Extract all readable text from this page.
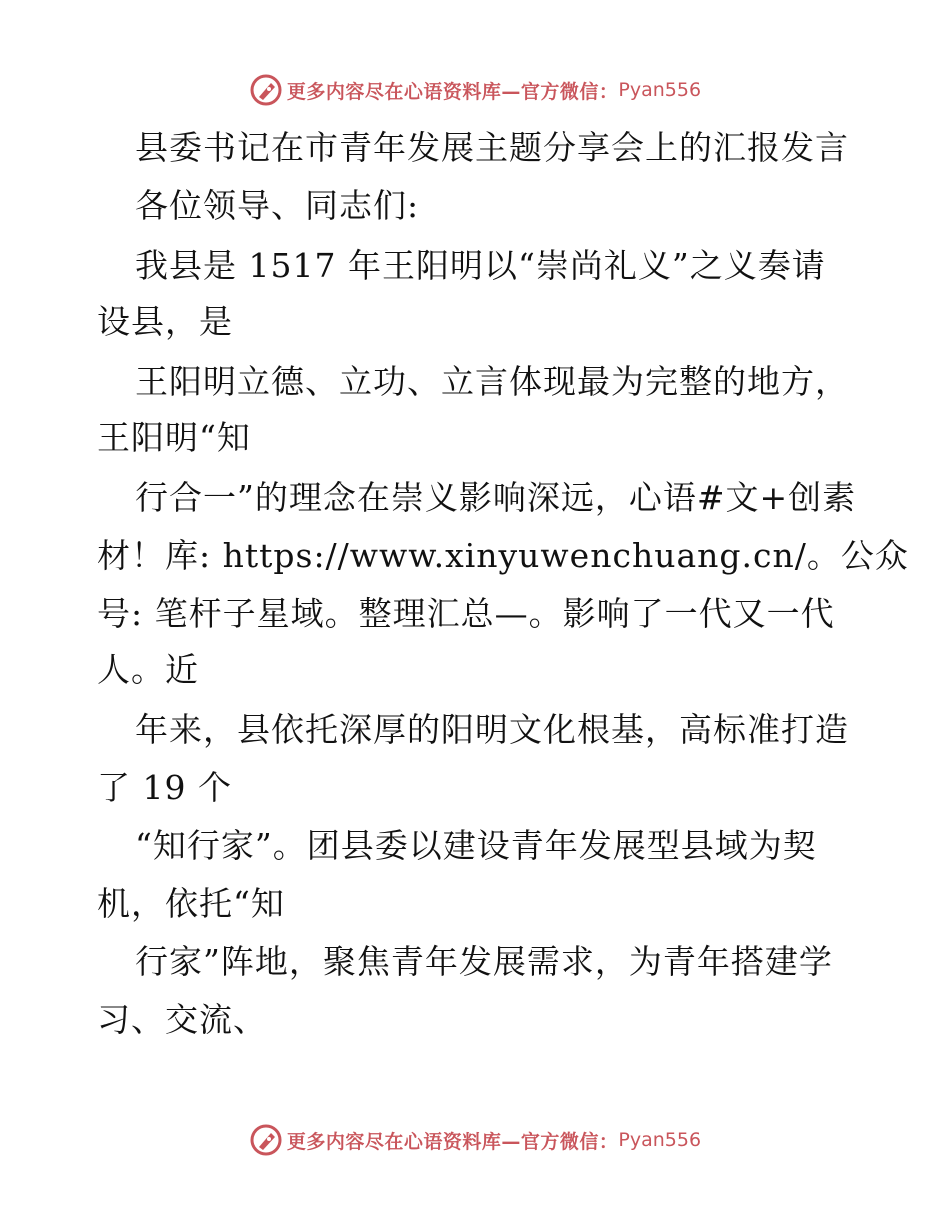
更多内容尽在心语资料库—官方微信： Pyan556
县委书记在市青年发展主题分享会上的汇报发言
各位领导、同志们:
我县是 1517 年王阳明以“崇尚礼义”之义奏请
设县，是
王阳明立德、立功、立言体现最为完整的地方，
王阳明“知
行合一”的理念在崇义影响深远，心语#文+创素
材！库: https://www.xinyuwenchuang.cn/。公众
号: 笔杆子星域。整理汇总—。影响了一代又一代
人。近
年来，县依托深厚的阳明文化根基，高标准打造
了 19 个
“知行家”。团县委以建设青年发展型县域为契
机，依托“知
行家”阵地，聚焦青年发展需求，为青年搭建学
习、交流、
更多内容尽在心语资料库—官方微信： Pyan556
